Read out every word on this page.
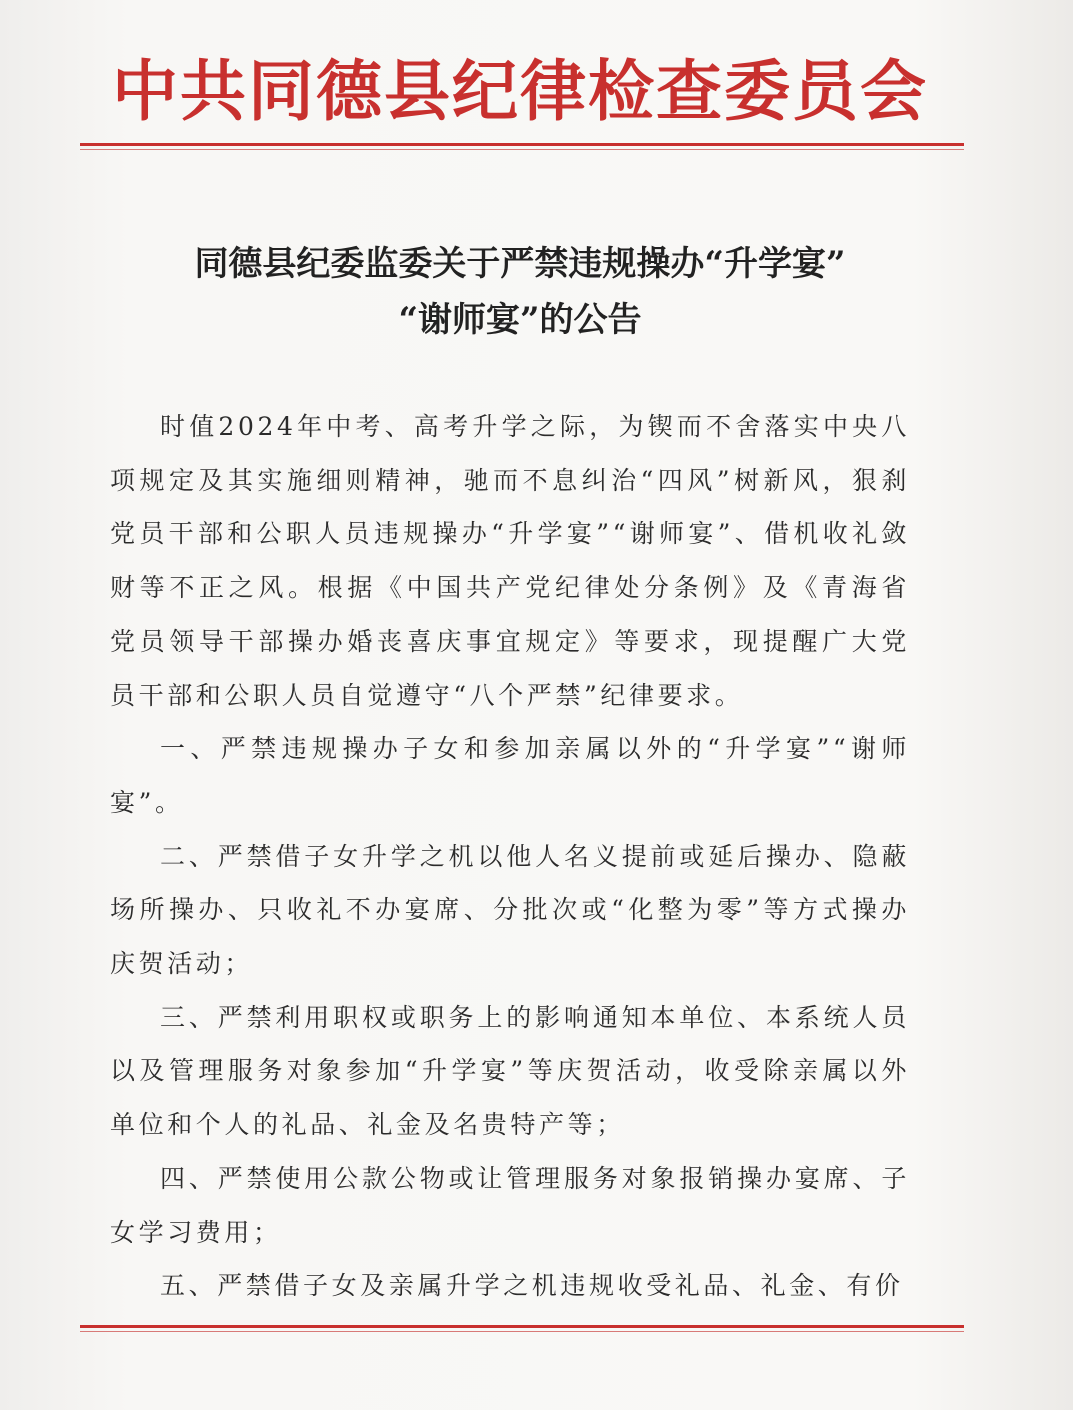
中共同德县纪律检查委员会
同德县纪委监委关于严禁违规操办“升学宴”
“谢师宴”的公告

时值2024年中考、高考升学之际，为锲而不舍落实中央八项规定及其实施细则精神，驰而不息纠治“四风”树新风，狠刹党员干部和公职人员违规操办“升学宴”“谢师宴”、借机收礼敛财等不正之风。根据《中国共产党纪律处分条例》及《青海省党员领导干部操办婚丧喜庆事宜规定》等要求，现提醒广大党员干部和公职人员自觉遵守“八个严禁”纪律要求。

一、严禁违规操办子女和参加亲属以外的“升学宴”“谢师宴”。

二、严禁借子女升学之机以他人名义提前或延后操办、隐蔽场所操办、只收礼不办宴席、分批次或“化整为零”等方式操办庆贺活动；

三、严禁利用职权或职务上的影响通知本单位、本系统人员以及管理服务对象参加“升学宴”等庆贺活动，收受除亲属以外单位和个人的礼品、礼金及名贵特产等；

四、严禁使用公款公物或让管理服务对象报销操办宴席、子女学习费用；

五、严禁借子女及亲属升学之机违规收受礼品、礼金、有价
